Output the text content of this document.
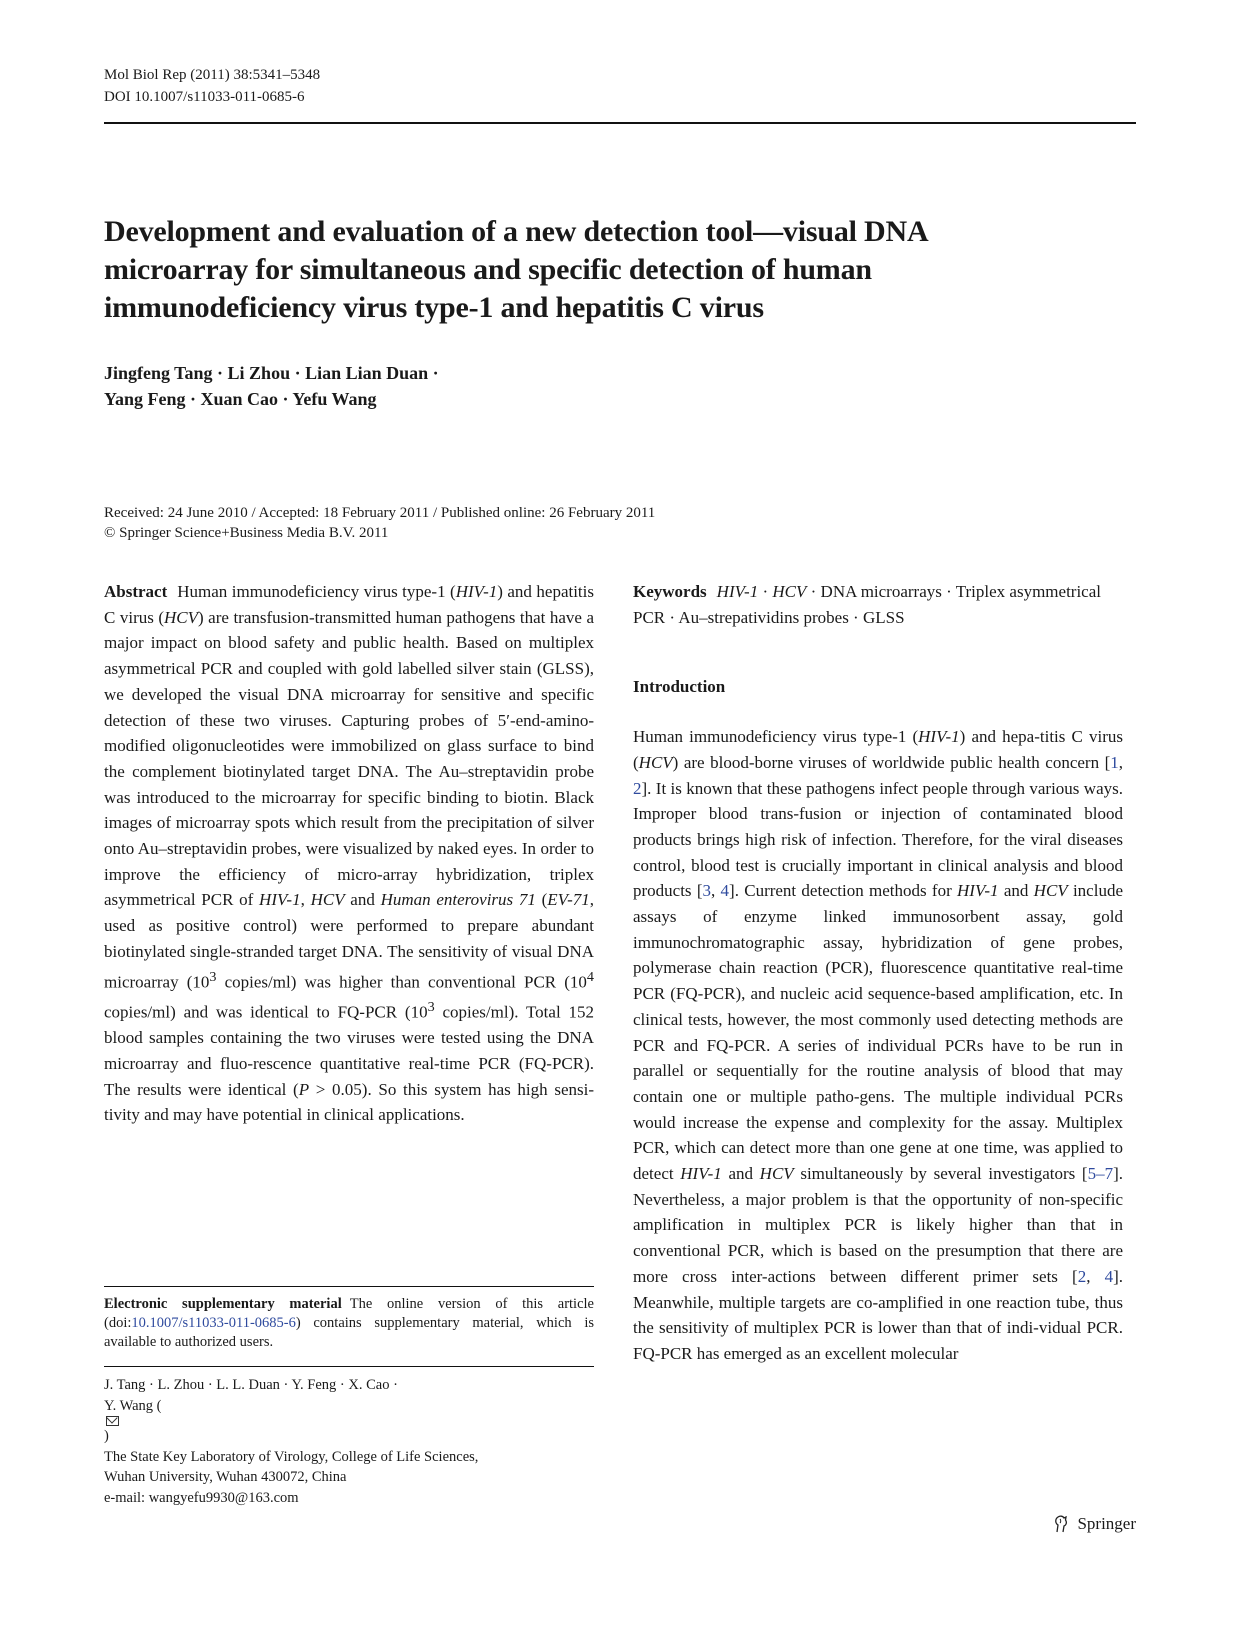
Mol Biol Rep (2011) 38:5341–5348
DOI 10.1007/s11033-011-0685-6
Development and evaluation of a new detection tool—visual DNA
microarray for simultaneous and specific detection of human
immunodeficiency virus type-1 and hepatitis C virus
Jingfeng Tang · Li Zhou · Lian Lian Duan ·
Yang Feng · Xuan Cao · Yefu Wang
Received: 24 June 2010 / Accepted: 18 February 2011 / Published online: 26 February 2011
© Springer Science+Business Media B.V. 2011

Abstract Human immunodeficiency virus type-1 (HIV-1) and hepatitis C virus (HCV) are transfusion-transmitted human pathogens that have a major impact on blood safety and public health. Based on multiplex asymmetrical PCR and coupled with gold labelled silver stain (GLSS), we developed the visual DNA microarray for sensitive and specific detection of these two viruses. Capturing probes of 5′-end-amino-modified oligonucleotides were immobilized on glass surface to bind the complement biotinylated target DNA. The Au–streptavidin probe was introduced to the microarray for specific binding to biotin. Black images of microarray spots which result from the precipitation of silver onto Au–streptavidin probes, were visualized by naked eyes. In order to improve the efficiency of micro-array hybridization, triplex asymmetrical PCR of HIV-1, HCV and Human enterovirus 71 (EV-71, used as positive control) were performed to prepare abundant biotinylated single-stranded target DNA. The sensitivity of visual DNA microarray ($10^3$ copies/ml) was higher than conventional PCR ($10^4$ copies/ml) and was identical to FQ-PCR ($10^3$ copies/ml). Total 152 blood samples containing the two viruses were tested using the DNA microarray and fluo-rescence quantitative real-time PCR (FQ-PCR). The results were identical (P > 0.05). So this system has high sensi-tivity and may have potential in clinical applications.

Electronic supplementary material The online version of this article (doi:10.1007/s11033-011-0685-6) contains supplementary material, which is available to authorized users.
J. Tang · L. Zhou · L. L. Duan · Y. Feng · X. Cao ·
Y. Wang (
)
The State Key Laboratory of Virology, College of Life Sciences,
Wuhan University, Wuhan 430072, China
e-mail: wangyefu9930@163.com

Keywords HIV-1 · HCV · DNA microarrays · Triplex asymmetrical PCR · Au–strepatividins probes · GLSS

Introduction

Human immunodeficiency virus type-1 (HIV-1) and hepa-titis C virus (HCV) are blood-borne viruses of worldwide public health concern [1, 2]. It is known that these pathogens infect people through various ways. Improper blood trans-fusion or injection of contaminated blood products brings high risk of infection. Therefore, for the viral diseases control, blood test is crucially important in clinical analysis and blood products [3, 4]. Current detection methods for HIV-1 and HCV include assays of enzyme linked immunosorbent assay, gold immunochromatographic assay, hybridization of gene probes, polymerase chain reaction (PCR), fluorescence quantitative real-time PCR (FQ-PCR), and nucleic acid sequence-based amplification, etc. In clinical tests, however, the most commonly used detecting methods are PCR and FQ-PCR. A series of individual PCRs have to be run in parallel or sequentially for the routine analysis of blood that may contain one or multiple patho-gens. The multiple individual PCRs would increase the expense and complexity for the assay. Multiplex PCR, which can detect more than one gene at one time, was applied to detect HIV-1 and HCV simultaneously by several investigators [5–7]. Nevertheless, a major problem is that the opportunity of non-specific amplification in multiplex PCR is likely higher than that in conventional PCR, which is based on the presumption that there are more cross inter-actions between different primer sets [2, 4]. Meanwhile, multiple targets are co-amplified in one reaction tube, thus the sensitivity of multiplex PCR is lower than that of indi-vidual PCR. FQ-PCR has emerged as an excellent molecular

Springer
